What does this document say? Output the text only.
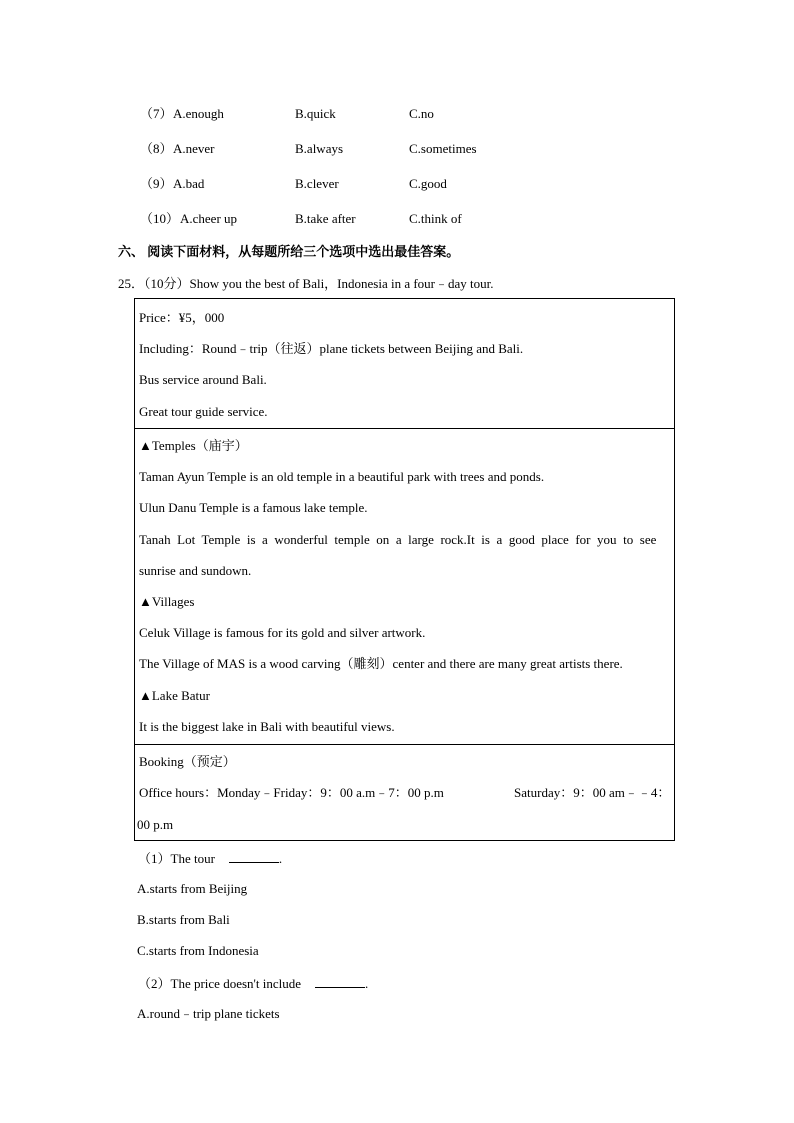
（7） A.enough	B.quick	C.no
（8） A.never	B.always	C.sometimes
（9） A.bad	B.clever	C.good
（10） A.cheer up	B.take after	C.think of
六、 阅读下面材料，从每题所给三个选项中选出最佳答案。
25．（10分）Show you the best of Bali，Indonesia in a four﹣day tour.
Price：¥5，000
Including：Round﹣trip（往返）plane tickets between Beijing and Bali.
Bus service around Bali.
Great tour guide service.
▲Temples（庙宇）
Taman Ayun Temple is an old temple in a beautiful park with trees and ponds.
Ulun Danu Temple is a famous lake temple.
Tanah Lot Temple is a wonderful temple on a large rock.It is a good place for you to see
sunrise and sundown.
▲Villages
Celuk Village is famous for its gold and silver artwork.
The Village of MAS is a wood carving（雕刻）center and there are many great artists there.
▲Lake Batur
It is the biggest lake in Bali with beautiful views.
Booking（预定）
Office hours：Monday﹣Friday：9：00 a.m﹣7：00 p.m	Saturday：9：00 am﹣﹣4：
00 p.m
（1）The tour	.
A.starts from Beijing
B.starts from Bali
C.starts from Indonesia
（2）The price doesn't include	.
A.round﹣trip plane tickets
